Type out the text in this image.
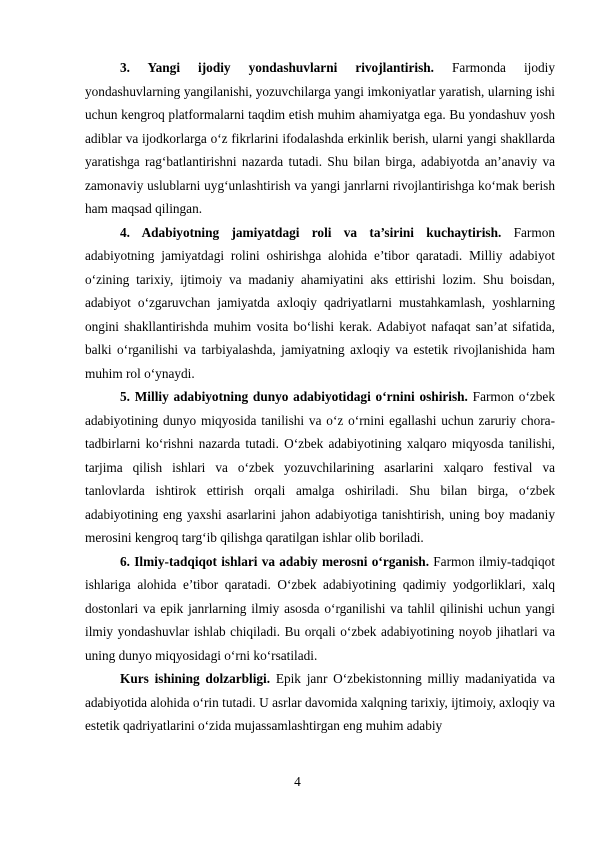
3. Yangi ijodiy yondashuvlarni rivojlantirish. Farmonda ijodiy yondashuvlarning yangilanishi, yozuvchilarga yangi imkoniyatlar yaratish, ularning ishi uchun kengroq platformalarni taqdim etish muhim ahamiyatga ega. Bu yondashuv yosh adiblar va ijodkorlarga o‘z fikrlarini ifodalashda erkinlik berish, ularni yangi shakllarda yaratishga rag‘batlantirishni nazarda tutadi. Shu bilan birga, adabiyotda an’anaviy va zamonaviy uslublarni uyg‘unlashtirish va yangi janrlarni rivojlantirishga ko‘mak berish ham maqsad qilingan.

4. Adabiyotning jamiyatdagi roli va ta’sirini kuchaytirish. Farmon adabiyotning jamiyatdagi rolini oshirishga alohida e’tibor qaratadi. Milliy adabiyot o‘zining tarixiy, ijtimoiy va madaniy ahamiyatini aks ettirishi lozim. Shu boisdan, adabiyot o‘zgaruvchan jamiyatda axloqiy qadriyatlarni mustahkamlash, yoshlarning ongini shakllantirishda muhim vosita bo‘lishi kerak. Adabiyot nafaqat san’at sifatida, balki o‘rganilishi va tarbiyalashda, jamiyatning axloqiy va estetik rivojlanishida ham muhim rol o‘ynaydi.

5. Milliy adabiyotning dunyo adabiyotidagi o‘rnini oshirish. Farmon o‘zbek adabiyotining dunyo miqyosida tanilishi va o‘z o‘rnini egallashi uchun zaruriy chora-tadbirlarni ko‘rishni nazarda tutadi. O‘zbek adabiyotining xalqaro miqyosda tanilishi, tarjima qilish ishlari va o‘zbek yozuvchilarining asarlarini xalqaro festival va tanlovlarda ishtirok ettirish orqali amalga oshiriladi. Shu bilan birga, o‘zbek adabiyotining eng yaxshi asarlarini jahon adabiyotiga tanishtirish, uning boy madaniy merosini kengroq targ‘ib qilishga qaratilgan ishlar olib boriladi.

6. Ilmiy-tadqiqot ishlari va adabiy merosni o‘rganish. Farmon ilmiy-tadqiqot ishlariga alohida e’tibor qaratadi. O‘zbek adabiyotining qadimiy yodgorliklari, xalq dostonlari va epik janrlarning ilmiy asosda o‘rganilishi va tahlil qilinishi uchun yangi ilmiy yondashuvlar ishlab chiqiladi. Bu orqali o‘zbek adabiyotining noyob jihatlari va uning dunyo miqyosidagi o‘rni ko‘rsatiladi.

Kurs ishining dolzarbligi. Epik janr O‘zbekistonning milliy madaniyatida va adabiyotida alohida o‘rin tutadi. U asrlar davomida xalqning tarixiy, ijtimoiy, axloqiy va estetik qadriyatlarini o‘zida mujassamlashtirgan eng muhim adabiy

4
